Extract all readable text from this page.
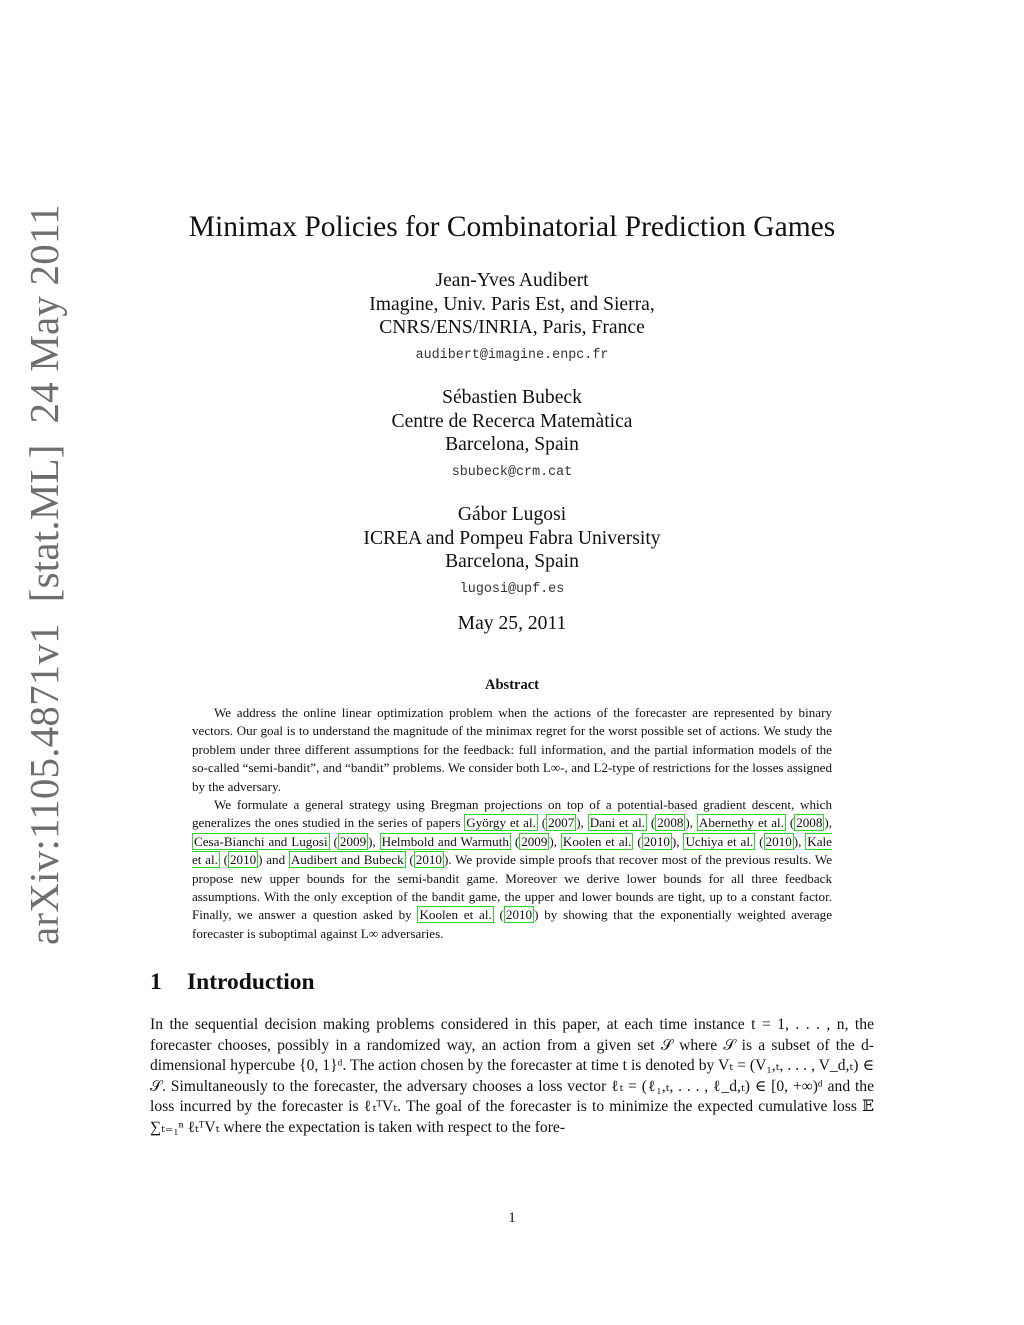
arXiv:1105.4871v1  [stat.ML]  24 May 2011	Minimax Policies for Combinatorial Prediction Games
Jean-Yves Audibert
Imagine, Univ. Paris Est, and Sierra,
CNRS/ENS/INRIA, Paris, France
audibert@imagine.enpc.fr
Sébastien Bubeck
Centre de Recerca Matemàtica
Barcelona, Spain
sbubeck@crm.cat
Gábor Lugosi
ICREA and Pompeu Fabra University
Barcelona, Spain
lugosi@upf.es
May 25, 2011
Abstract

We address the online linear optimization problem when the actions of the forecaster are represented by binary vectors. Our goal is to understand the magnitude of the minimax regret for the worst possible set of actions. We study the problem under three different assumptions for the feedback: full information, and the partial information models of the so-called “semi-bandit”, and “bandit” problems. We consider both L∞-, and L2-type of restrictions for the losses assigned by the adversary.

We formulate a general strategy using Bregman projections on top of a potential-based gradient descent, which generalizes the ones studied in the series of papers György et al. ( 2007 ), Dani et al. ( 2008 ), Abernethy et al. ( 2008 ), Cesa-Bianchi and Lugosi ( 2009 ), Helmbold and Warmuth ( 2009 ), Koolen et al. ( 2010 ), Uchiya et al. ( 2010 ), Kale et al. ( 2010 ) and Audibert and Bubeck ( 2010 ). We provide simple proofs that recover most of the previous results. We propose new upper bounds for the semi-bandit game. Moreover we derive lower bounds for all three feedback assumptions. With the only exception of the bandit game, the upper and lower bounds are tight, up to a constant factor. Finally, we answer a question asked by Koolen et al. ( 2010 ) by showing that the exponentially weighted average forecaster is suboptimal against L∞ adversaries.

1 Introduction

In the sequential decision making problems considered in this paper, at each time instance t = 1, . . . , n, the forecaster chooses, possibly in a randomized way, an action from a given set 𝒮 where 𝒮 is a subset of the d-dimensional hypercube {0, 1}ᵈ. The action chosen by the forecaster at time t is denoted by Vₜ = (V₁,ₜ, . . . , V_d,ₜ) ∈ 𝒮. Simultaneously to the forecaster, the adversary chooses a loss vector ℓₜ = (ℓ₁,ₜ, . . . , ℓ_d,ₜ) ∈ [0, +∞)ᵈ and the loss incurred by the forecaster is ℓₜᵀVₜ. The goal of the forecaster is to minimize the expected cumulative loss 𝔼 ∑ₜ₌₁ⁿ ℓₜᵀVₜ where the expectation is taken with respect to the fore-

1
